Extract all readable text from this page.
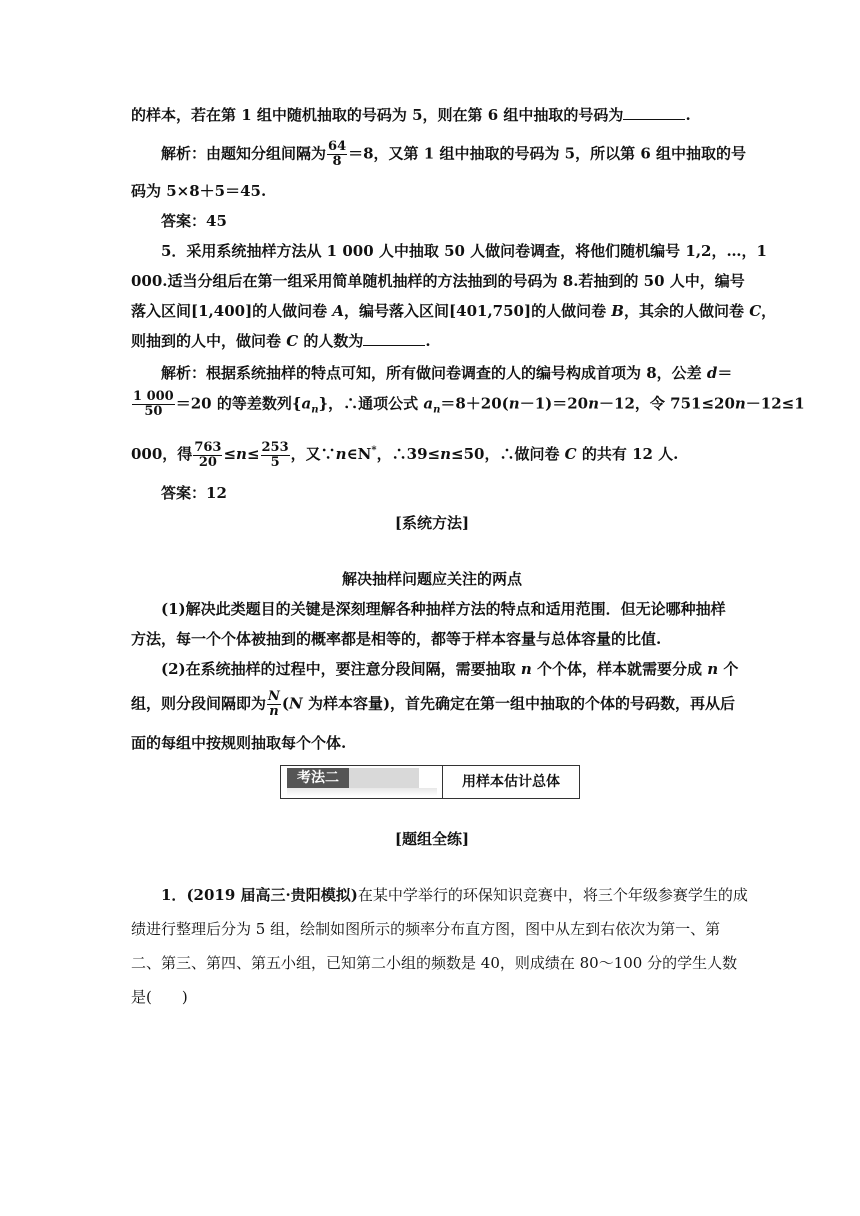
的样本，若在第 1 组中随机抽取的号码为 5，则在第 6 组中抽取的号码为	.
解析：由题知分组间隔为 $\frac{64}{8} =8$，又第 1 组中抽取的号码为 5，所以第 6 组中抽取的号
码为 5×8＋5＝45.
答案：45
5．采用系统抽样方法从 1 000 人中抽取 50 人做问卷调查，将他们随机编号 1,2，…，1
000.适当分组后在第一组采用简单随机抽样的方法抽到的号码为 8.若抽到的 50 人中，编号
落入区间[1,400]的人做问卷 A，编号落入区间[401,750]的人做问卷 B，其余的人做问卷 C，
则抽到的人中，做问卷 C 的人数为	.
解析：根据系统抽样的特点可知，所有做问卷调查的人的编号构成首项为 8，公差 d＝
$\frac{1 000}{50} =20$ 的等差数列$\{a_n\}$，∴通项公式 $a_n=8+20(n-1)=20n-12$，令 751≤20n－12≤1
000，得 $\frac{763}{20} \le n\le \frac{253}{5}$ ，又∵n∈N*，∴39≤n≤50，∴做问卷 C 的共有 12 人.
答案：12
[系统方法]
解决抽样问题应关注的两点
(1)解决此类题目的关键是深刻理解各种抽样方法的特点和适用范围．但无论哪种抽样
方法，每一个个体被抽到的概率都是相等的，都等于样本容量与总体容量的比值.
(2)在系统抽样的过程中，要注意分段间隔，需要抽取 n 个个体，样本就需要分成 n 个
组，则分段间隔即为 $\frac{N}{n} (N$ 为样本容量)，首先确定在第一组中抽取的个体的号码数，再从后
面的每组中按规则抽取每个个体.
考法二	用样本估计总体
[题组全练]
1．(2019 届高三·贵阳模拟)在某中学举行的环保知识竞赛中，将三个年级参赛学生的成
绩进行整理后分为 5 组，绘制如图所示的频率分布直方图，图中从左到右依次为第一、第
二、第三、第四、第五小组，已知第二小组的频数是 40，则成绩在 80～100 分的学生人数
是(　　)
